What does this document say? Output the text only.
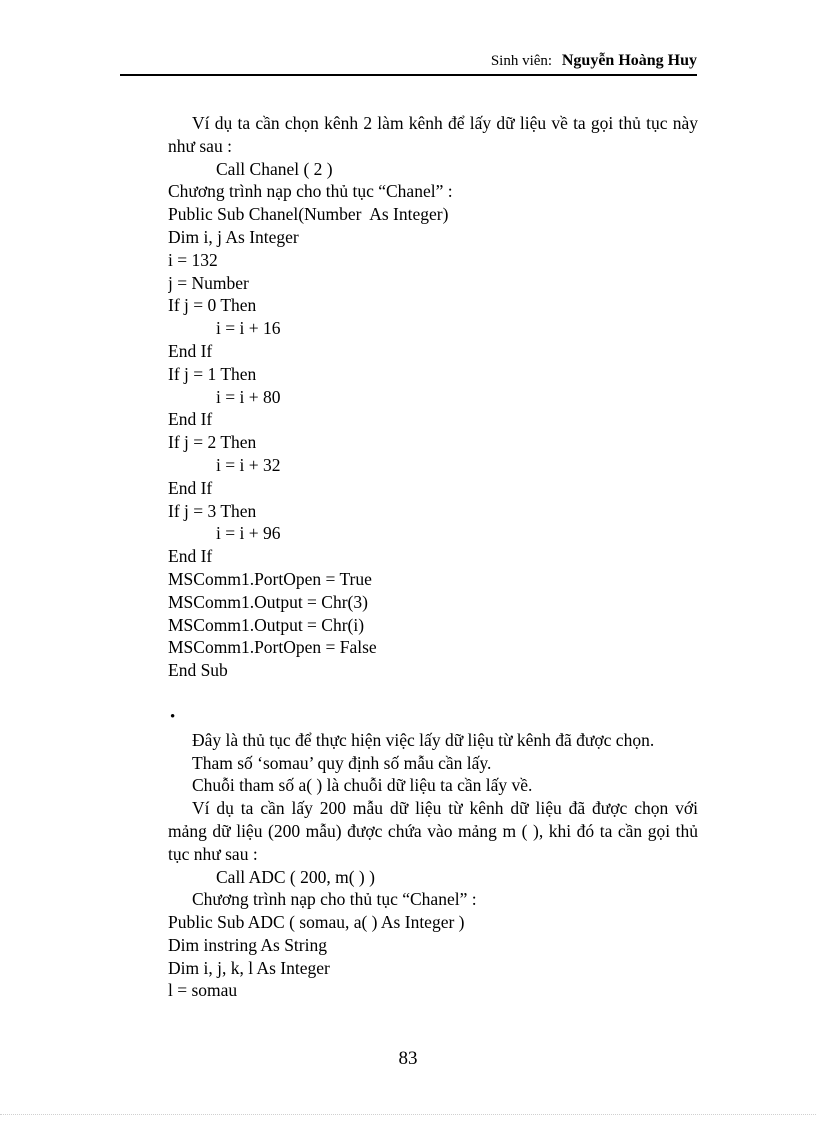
Sinh viên: Nguyễn Hoàng Huy
Ví dụ ta cần chọn kênh 2 làm kênh để lấy dữ liệu về ta gọi thủ tục này như sau :
Call Chanel ( 2 )
Chương trình nạp cho thủ tục “Chanel” :
Public Sub Chanel(Number  As Integer)
Dim i, j As Integer
i = 132
j = Number
If j = 0 Then
i = i + 16
End If
If j = 1 Then
i = i + 80
End If
If j = 2 Then
i = i + 32
End If
If j = 3 Then
i = i + 96
End If
MSComm1.PortOpen = True
MSComm1.Output = Chr(3)
MSComm1.Output = Chr(i)
MSComm1.PortOpen = False
End Sub

•

Đây là thủ tục để thực hiện việc lấy dữ liệu từ kênh đã được chọn.
Tham số ‘somau’ quy định số mẫu cần lấy.
Chuỗi tham số a( ) là chuỗi dữ liệu ta cần lấy về.
Ví dụ ta cần lấy 200 mẫu dữ liệu từ kênh dữ liệu đã được chọn với mảng dữ liệu (200 mẫu) được chứa vào mảng m ( ), khi đó ta cần gọi thủ tục như sau :
Call ADC ( 200, m( ) )
Chương trình nạp cho thủ tục “Chanel” :
Public Sub ADC ( somau, a( ) As Integer )
Dim instring As String
Dim i, j, k, l As Integer
l = somau
83
